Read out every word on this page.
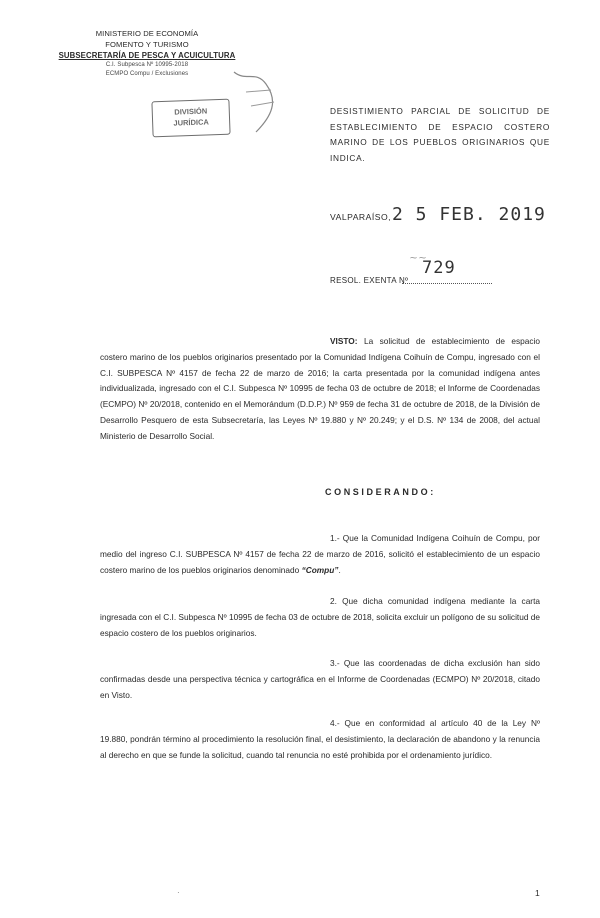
MINISTERIO DE ECONOMÍA
FOMENTO Y TURISMO
SUBSECRETARÍA DE PESCA Y ACUICULTURA
C.I. Subpesca Nº 10995-2018
ECMPO Compu / Exclusiones
DIVISIÓN
JURÍDICA
DESISTIMIENTO PARCIAL DE SOLICITUD DE ESTABLECIMIENTO DE ESPACIO COSTERO MARINO DE LOS PUEBLOS ORIGINARIOS QUE INDICA.
VALPARAÍSO, 2 5 FEB. 2019
⁓ ⁓
RESOL. EXENTA Nº
729
VISTO: La solicitud de establecimiento de espacio costero marino de los pueblos originarios presentado por la Comunidad Indígena Coihuín de Compu, ingresado con el C.I. SUBPESCA Nº 4157 de fecha 22 de marzo de 2016; la carta presentada por la comunidad indígena antes individualizada, ingresado con el C.I. Subpesca Nº 10995 de fecha 03 de octubre de 2018; el Informe de Coordenadas (ECMPO) Nº 20/2018, contenido en el Memorándum (D.D.P.) Nº 959 de fecha 31 de octubre de 2018, de la División de Desarrollo Pesquero de esta Subsecretaría, las Leyes Nº 19.880 y Nº 20.249; y el D.S. Nº 134 de 2008, del actual Ministerio de Desarrollo Social.
CONSIDERANDO:
1.- Que la Comunidad Indígena Coihuín de Compu, por medio del ingreso C.I. SUBPESCA Nº 4157 de fecha 22 de marzo de 2016, solicitó el establecimiento de un espacio costero marino de los pueblos originarios denominado “Compu”.
2. Que dicha comunidad indígena mediante la carta ingresada con el C.I. Subpesca Nº 10995 de fecha 03 de octubre de 2018, solicita excluir un polígono de su solicitud de espacio costero de los pueblos originarios.
3.- Que las coordenadas de dicha exclusión han sido confirmadas desde una perspectiva técnica y cartográfica en el Informe de Coordenadas (ECMPO) Nº 20/2018, citado en Visto.
4.- Que en conformidad al artículo 40 de la Ley Nº 19.880, pondrán término al procedimiento la resolución final, el desistimiento, la declaración de abandono y la renuncia al derecho en que se funde la solicitud, cuando tal renuncia no esté prohibida por el ordenamiento jurídico.
·	1
